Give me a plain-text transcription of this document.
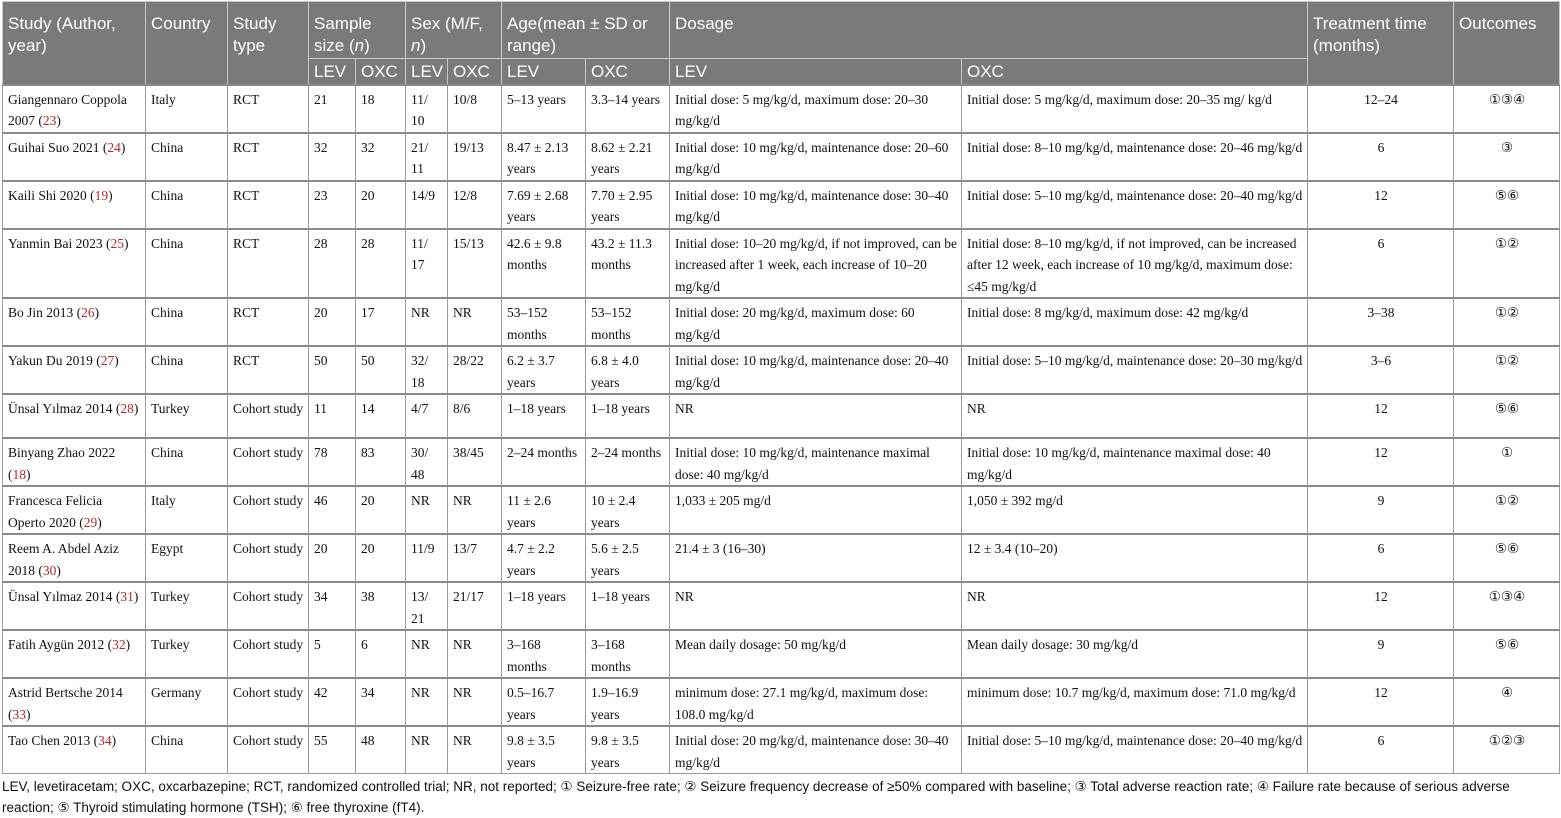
Study (Author, year)	Country	Study type	Sample size (n)		Sex (M/F, n)		Age(mean ± SD or range)		Dosage		Treatment time (months)	Outcomes
			LEV	OXC	LEV	OXC	LEV	OXC	LEV	OXC		
Giangennaro Coppola 2007 (23)	Italy	RCT	21	18	11/ 10	10/8	5–13 years	3.3–14 years	Initial dose: 5 mg/kg/d, maximum dose: 20–30 mg/kg/d	Initial dose: 5 mg/kg/d, maximum dose: 20–35 mg/ kg/d	12–24	①③④
Guihai Suo 2021 (24)	China	RCT	32	32	21/ 11	19/13	8.47 ± 2.13 years	8.62 ± 2.21 years	Initial dose: 10 mg/kg/d, maintenance dose: 20–60 mg/kg/d	Initial dose: 8–10 mg/kg/d, maintenance dose: 20–46 mg/kg/d	6	③
Kaili Shi 2020 (19)	China	RCT	23	20	14/9	12/8	7.69 ± 2.68 years	7.70 ± 2.95 years	Initial dose: 10 mg/kg/d, maintenance dose: 30–40 mg/kg/d	Initial dose: 5–10 mg/kg/d, maintenance dose: 20–40 mg/kg/d	12	⑤⑥
Yanmin Bai 2023 (25)	China	RCT	28	28	11/ 17	15/13	42.6 ± 9.8 months	43.2 ± 11.3 months	Initial dose: 10–20 mg/kg/d, if not improved, can be increased after 1 week, each increase of 10–20 mg/kg/d	Initial dose: 8–10 mg/kg/d, if not improved, can be increased after 12 week, each increase of 10 mg/kg/d, maximum dose: ≤45 mg/kg/d	6	①②
Bo Jin 2013 (26)	China	RCT	20	17	NR	NR	53–152 months	53–152 months	Initial dose: 20 mg/kg/d, maximum dose: 60 mg/kg/d	Initial dose: 8 mg/kg/d, maximum dose: 42 mg/kg/d	3–38	①②
Yakun Du 2019 (27)	China	RCT	50	50	32/ 18	28/22	6.2 ± 3.7 years	6.8 ± 4.0 years	Initial dose: 10 mg/kg/d, maintenance dose: 20–40 mg/kg/d	Initial dose: 5–10 mg/kg/d, maintenance dose: 20–30 mg/kg/d	3–6	①②
Ünsal Yılmaz 2014 (28)	Turkey	Cohort study	11	14	4/7	8/6	1–18 years	1–18 years	NR	NR	12	⑤⑥
Binyang Zhao 2022 (18)	China	Cohort study	78	83	30/ 48	38/45	2–24 months	2–24 months	Initial dose: 10 mg/kg/d, maintenance maximal dose: 40 mg/kg/d	Initial dose: 10 mg/kg/d, maintenance maximal dose: 40 mg/kg/d	12	①
Francesca Felicia Operto 2020 (29)	Italy	Cohort study	46	20	NR	NR	11 ± 2.6 years	10 ± 2.4 years	1,033 ± 205 mg/d	1,050 ± 392 mg/d	9	①②
Reem A. Abdel Aziz 2018 (30)	Egypt	Cohort study	20	20	11/9	13/7	4.7 ± 2.2 years	5.6 ± 2.5 years	21.4 ± 3 (16–30)	12 ± 3.4 (10–20)	6	⑤⑥
Ünsal Yılmaz 2014 (31)	Turkey	Cohort study	34	38	13/ 21	21/17	1–18 years	1–18 years	NR	NR	12	①③④
Fatih Aygün 2012 (32)	Turkey	Cohort study	5	6	NR	NR	3–168 months	3–168 months	Mean daily dosage: 50 mg/kg/d	Mean daily dosage: 30 mg/kg/d	9	⑤⑥
Astrid Bertsche 2014 (33)	Germany	Cohort study	42	34	NR	NR	0.5–16.7 years	1.9–16.9 years	minimum dose: 27.1 mg/kg/d, maximum dose: 108.0 mg/kg/d	minimum dose: 10.7 mg/kg/d, maximum dose: 71.0 mg/kg/d	12	④
Tao Chen 2013 (34)	China	Cohort study	55	48	NR	NR	9.8 ± 3.5 years	9.8 ± 3.5 years	Initial dose: 20 mg/kg/d, maintenance dose: 30–40 mg/kg/d	Initial dose: 5–10 mg/kg/d, maintenance dose: 20–40 mg/kg/d	6	①②③
LEV, levetiracetam; OXC, oxcarbazepine; RCT, randomized controlled trial; NR, not reported; ① Seizure-free rate; ② Seizure frequency decrease of ≥50% compared with baseline; ③ Total adverse reaction rate; ④ Failure rate because of serious adverse reaction; ⑤ Thyroid stimulating hormone (TSH); ⑥ free thyroxine (fT4).
